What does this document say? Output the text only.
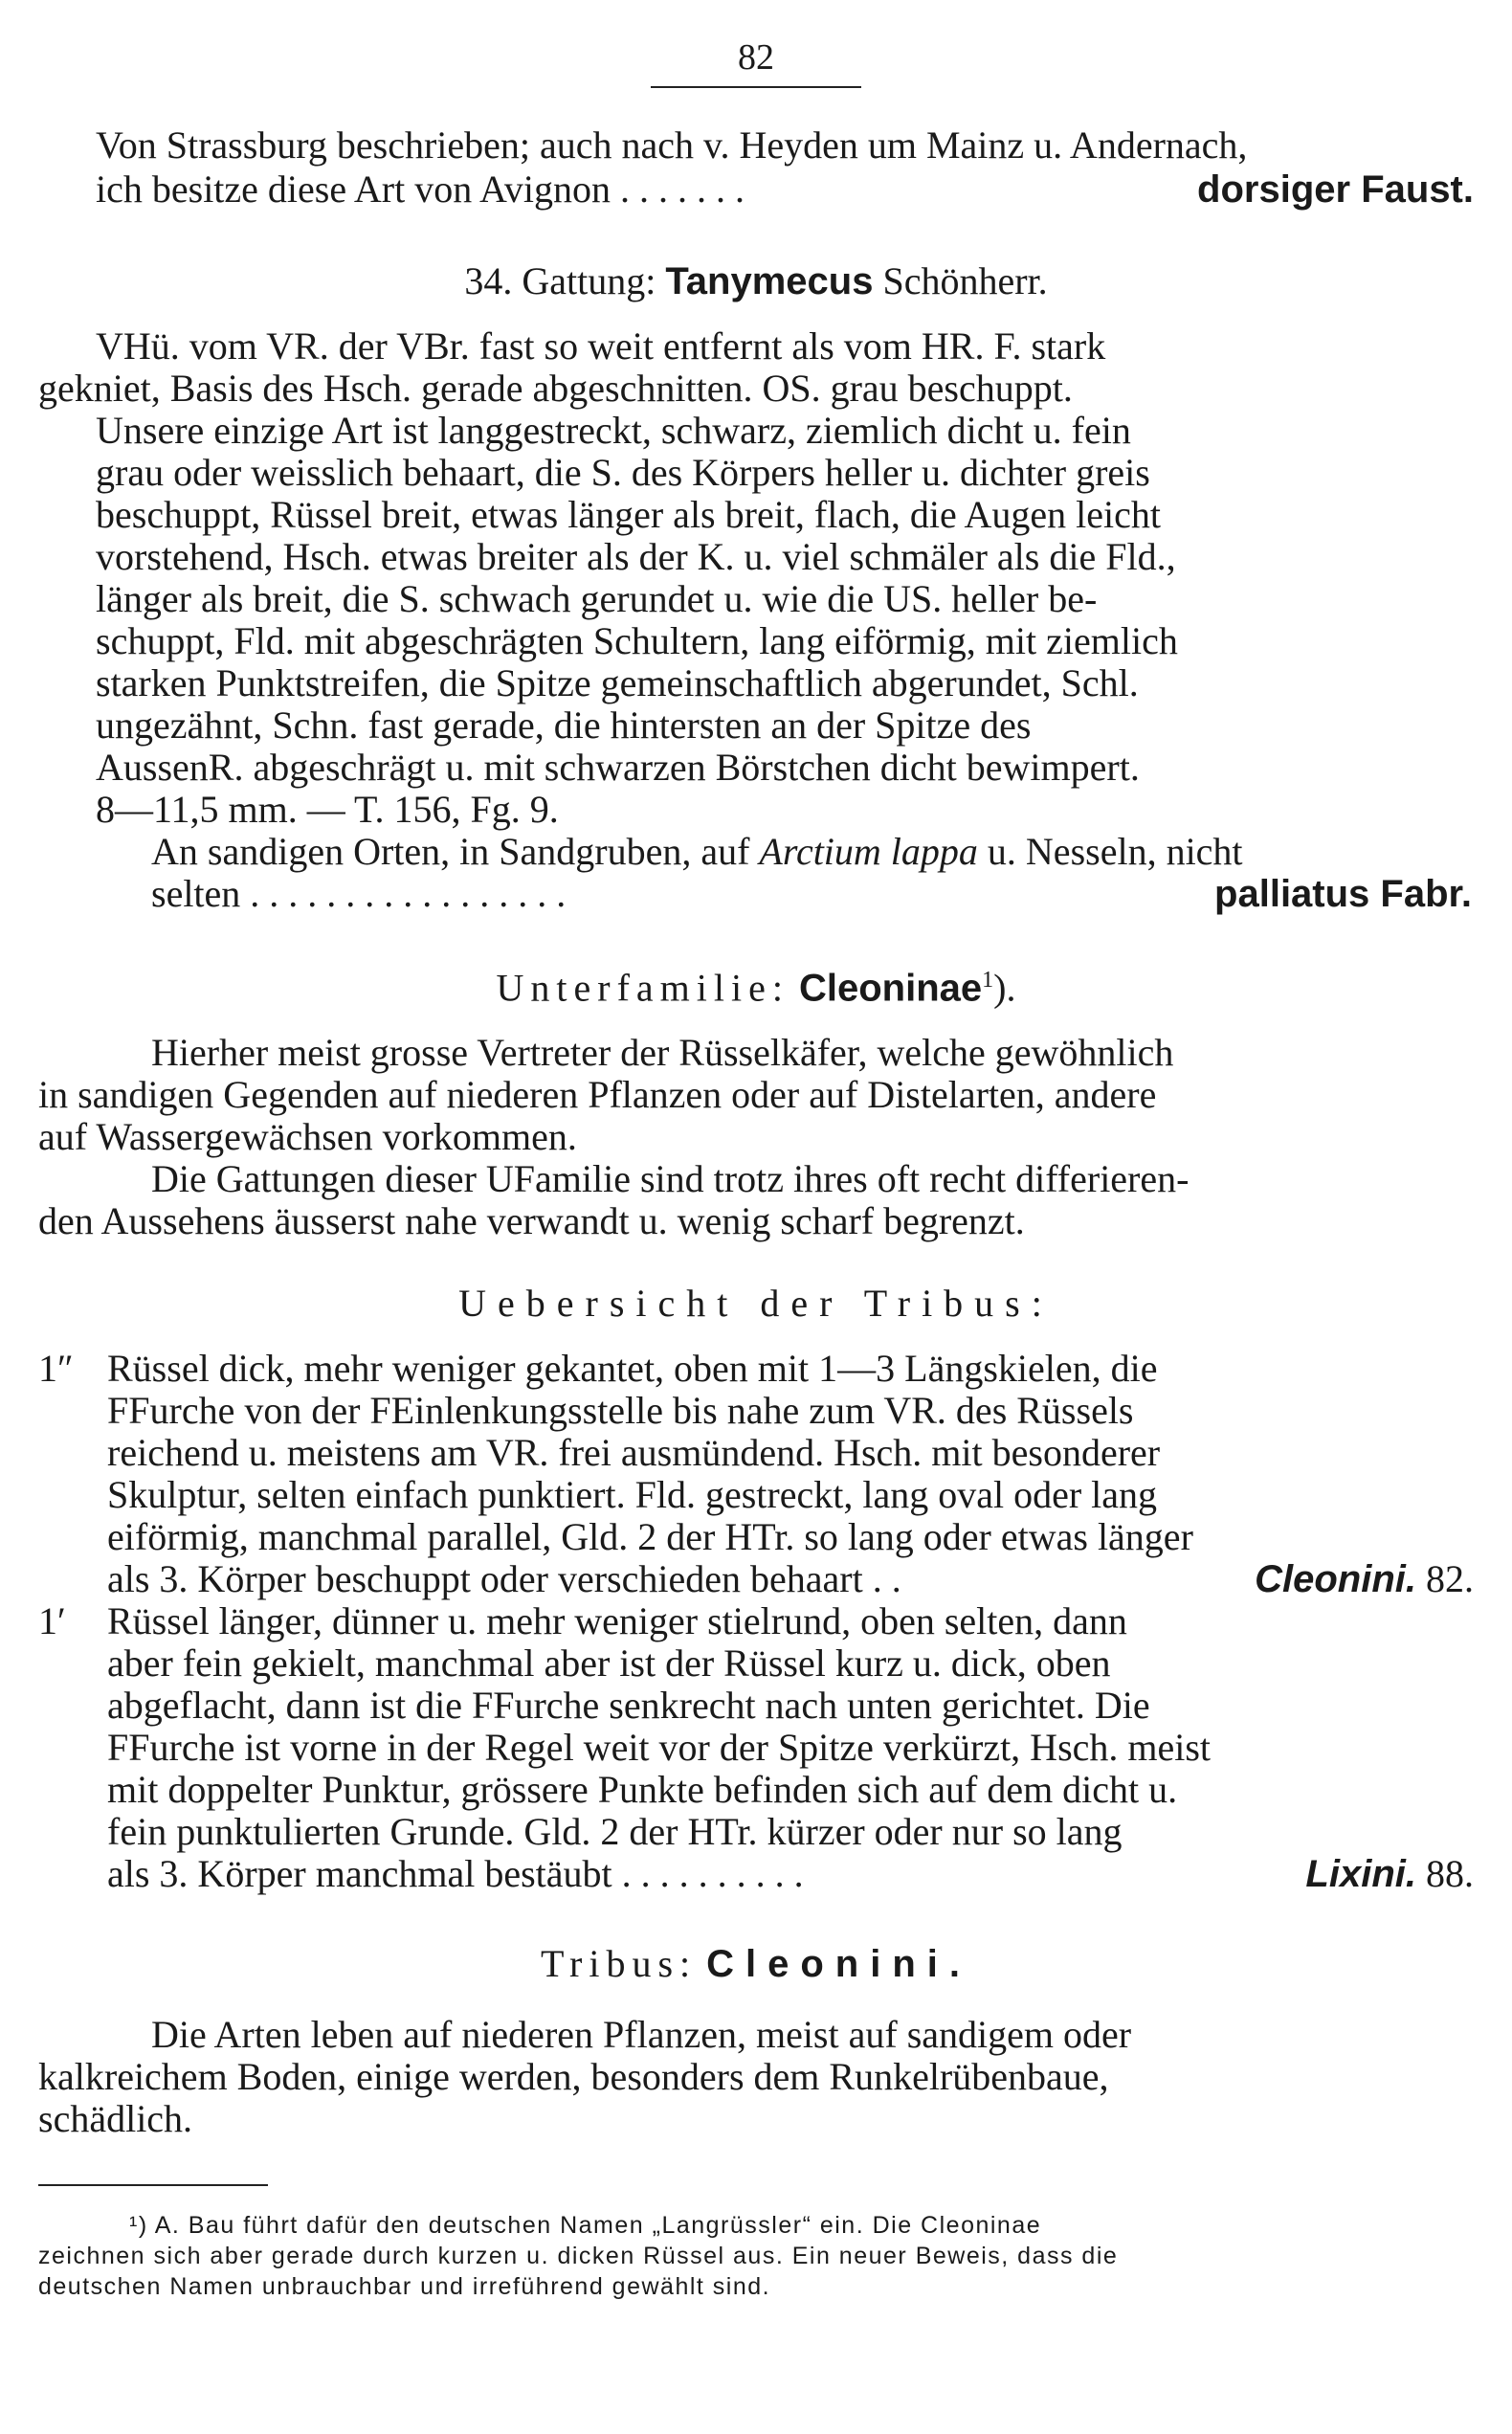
82
Von Strassburg beschrieben; auch nach v. Heyden um Mainz u. Andernach,
ich besitze diese Art von Avignon . . . . . . .	dorsiger Faust.
34. Gattung: Tanymecus Schönherr.
VHü. vom VR. der VBr. fast so weit entfernt als vom HR. F. stark
gekniet, Basis des Hsch. gerade abgeschnitten. OS. grau beschuppt.
Unsere einzige Art ist langgestreckt, schwarz, ziemlich dicht u. fein
grau oder weisslich behaart, die S. des Körpers heller u. dichter greis
beschuppt, Rüssel breit, etwas länger als breit, flach, die Augen leicht
vorstehend, Hsch. etwas breiter als der K. u. viel schmäler als die Fld.,
länger als breit, die S. schwach gerundet u. wie die US. heller be-
schuppt, Fld. mit abgeschrägten Schultern, lang eiförmig, mit ziemlich
starken Punktstreifen, die Spitze gemeinschaftlich abgerundet, Schl.
ungezähnt, Schn. fast gerade, die hintersten an der Spitze des
AussenR. abgeschrägt u. mit schwarzen Börstchen dicht bewimpert.
8—11,5 mm. — T. 156, Fg. 9.
An sandigen Orten, in Sandgruben, auf Arctium lappa u. Nesseln, nicht
selten . . . . . . . . . . . . . . . . .	palliatus Fabr.
Unterfamilie: Cleoninae$^1$).
Hierher meist grosse Vertreter der Rüsselkäfer, welche gewöhnlich
in sandigen Gegenden auf niederen Pflanzen oder auf Distelarten, andere
auf Wassergewächsen vorkommen.
Die Gattungen dieser UFamilie sind trotz ihres oft recht differieren-
den Aussehens äusserst nahe verwandt u. wenig scharf begrenzt.
Uebersicht der Tribus:
1″ Rüssel dick, mehr weniger gekantet, oben mit 1—3 Längskielen, die
FFurche von der FEinlenkungsstelle bis nahe zum VR. des Rüssels
reichend u. meistens am VR. frei ausmündend. Hsch. mit besonderer
Skulptur, selten einfach punktiert. Fld. gestreckt, lang oval oder lang
eiförmig, manchmal parallel, Gld. 2 der HTr. so lang oder etwas länger
als 3. Körper beschuppt oder verschieden behaart . .	Cleonini. 82.
1′	Rüssel länger, dünner u. mehr weniger stielrund, oben selten, dann
aber fein gekielt, manchmal aber ist der Rüssel kurz u. dick, oben
abgeflacht, dann ist die FFurche senkrecht nach unten gerichtet. Die
FFurche ist vorne in der Regel weit vor der Spitze verkürzt, Hsch. meist
mit doppelter Punktur, grössere Punkte befinden sich auf dem dicht u.
fein punktulierten Grunde. Gld. 2 der HTr. kürzer oder nur so lang
als 3. Körper manchmal bestäubt . . . . . . . . . .	Lixini. 88.
Tribus: Cleonini.
Die Arten leben auf niederen Pflanzen, meist auf sandigem oder
kalkreichem Boden, einige werden, besonders dem Runkelrübenbaue,
schädlich.
¹) A. Bau führt dafür den deutschen Namen „Langrüssler“ ein. Die Cleoninae
zeichnen sich aber gerade durch kurzen u. dicken Rüssel aus. Ein neuer Beweis, dass die
deutschen Namen unbrauchbar und irreführend gewählt sind.
